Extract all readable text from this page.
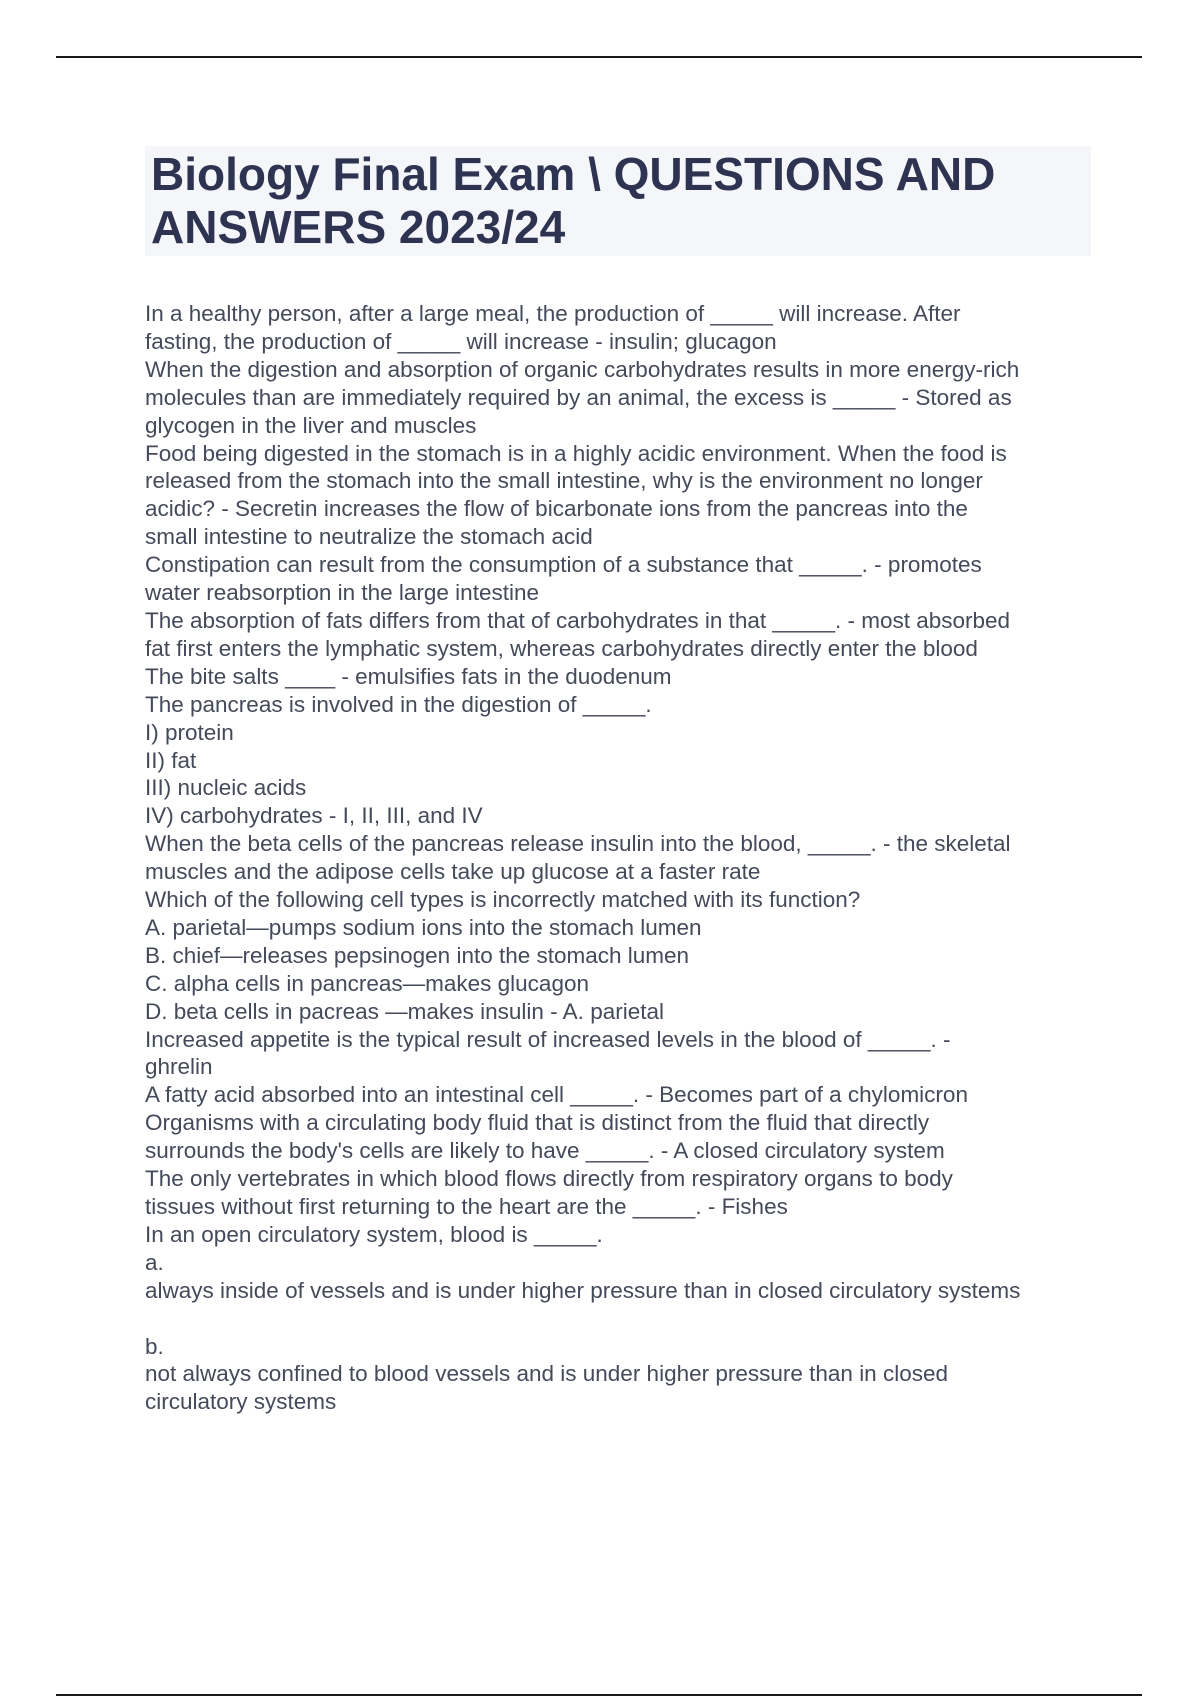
Biology Final Exam \ QUESTIONS AND ANSWERS 2023/24
In a healthy person, after a large meal, the production of _____ will increase. After
fasting, the production of _____ will increase - insulin; glucagon
When the digestion and absorption of organic carbohydrates results in more energy-rich
molecules than are immediately required by an animal, the excess is _____ - Stored as
glycogen in the liver and muscles
Food being digested in the stomach is in a highly acidic environment. When the food is
released from the stomach into the small intestine, why is the environment no longer
acidic? - Secretin increases the flow of bicarbonate ions from the pancreas into the
small intestine to neutralize the stomach acid
Constipation can result from the consumption of a substance that _____. - promotes
water reabsorption in the large intestine
The absorption of fats differs from that of carbohydrates in that _____. - most absorbed
fat first enters the lymphatic system, whereas carbohydrates directly enter the blood
The bite salts ____ - emulsifies fats in the duodenum
The pancreas is involved in the digestion of _____.
I) protein
II) fat
III) nucleic acids
IV) carbohydrates - I, II, III, and IV
When the beta cells of the pancreas release insulin into the blood, _____. - the skeletal
muscles and the adipose cells take up glucose at a faster rate
Which of the following cell types is incorrectly matched with its function?
A. parietal—pumps sodium ions into the stomach lumen
B. chief—releases pepsinogen into the stomach lumen
C. alpha cells in pancreas—makes glucagon
D. beta cells in pacreas —makes insulin - A. parietal
Increased appetite is the typical result of increased levels in the blood of _____. -
ghrelin
A fatty acid absorbed into an intestinal cell _____. - Becomes part of a chylomicron
Organisms with a circulating body fluid that is distinct from the fluid that directly
surrounds the body's cells are likely to have _____. - A closed circulatory system
The only vertebrates in which blood flows directly from respiratory organs to body
tissues without first returning to the heart are the _____. - Fishes
In an open circulatory system, blood is _____.
a.
always inside of vessels and is under higher pressure than in closed circulatory systems
b.
not always confined to blood vessels and is under higher pressure than in closed
circulatory systems
